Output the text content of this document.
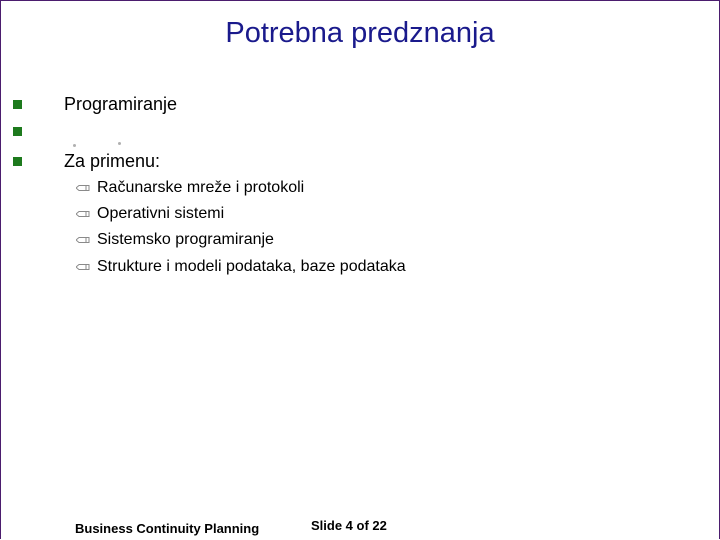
Potrebna predznanja
Programiranje
Za primenu:
Računarske mreže i protokoli
Operativni sistemi
Sistemsko programiranje
Strukture i modeli podataka, baze podataka
Business Continuity Planning	Slide 4 of 22
